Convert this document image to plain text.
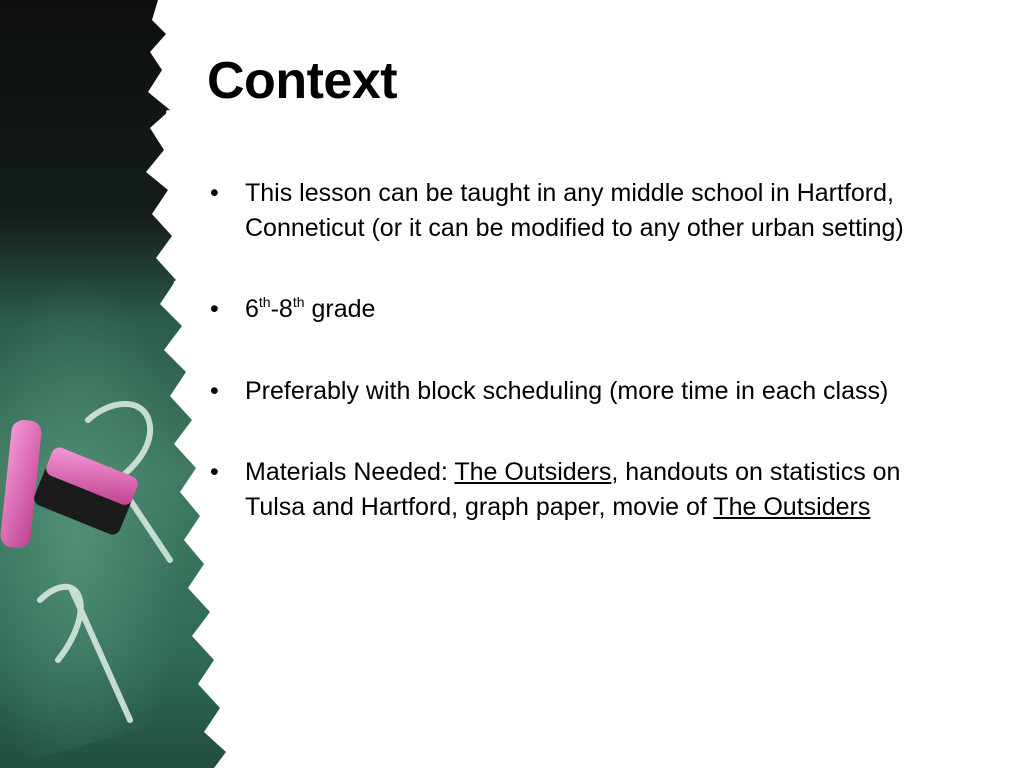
Context
• This lesson can be taught in any middle school in Hartford, Conneticut (or it can be modified to any other urban setting)
• 6th-8th grade
• Preferably with block scheduling (more time in each class)
• Materials Needed: The Outsiders, handouts on statistics on Tulsa and Hartford, graph paper, movie of The Outsiders
